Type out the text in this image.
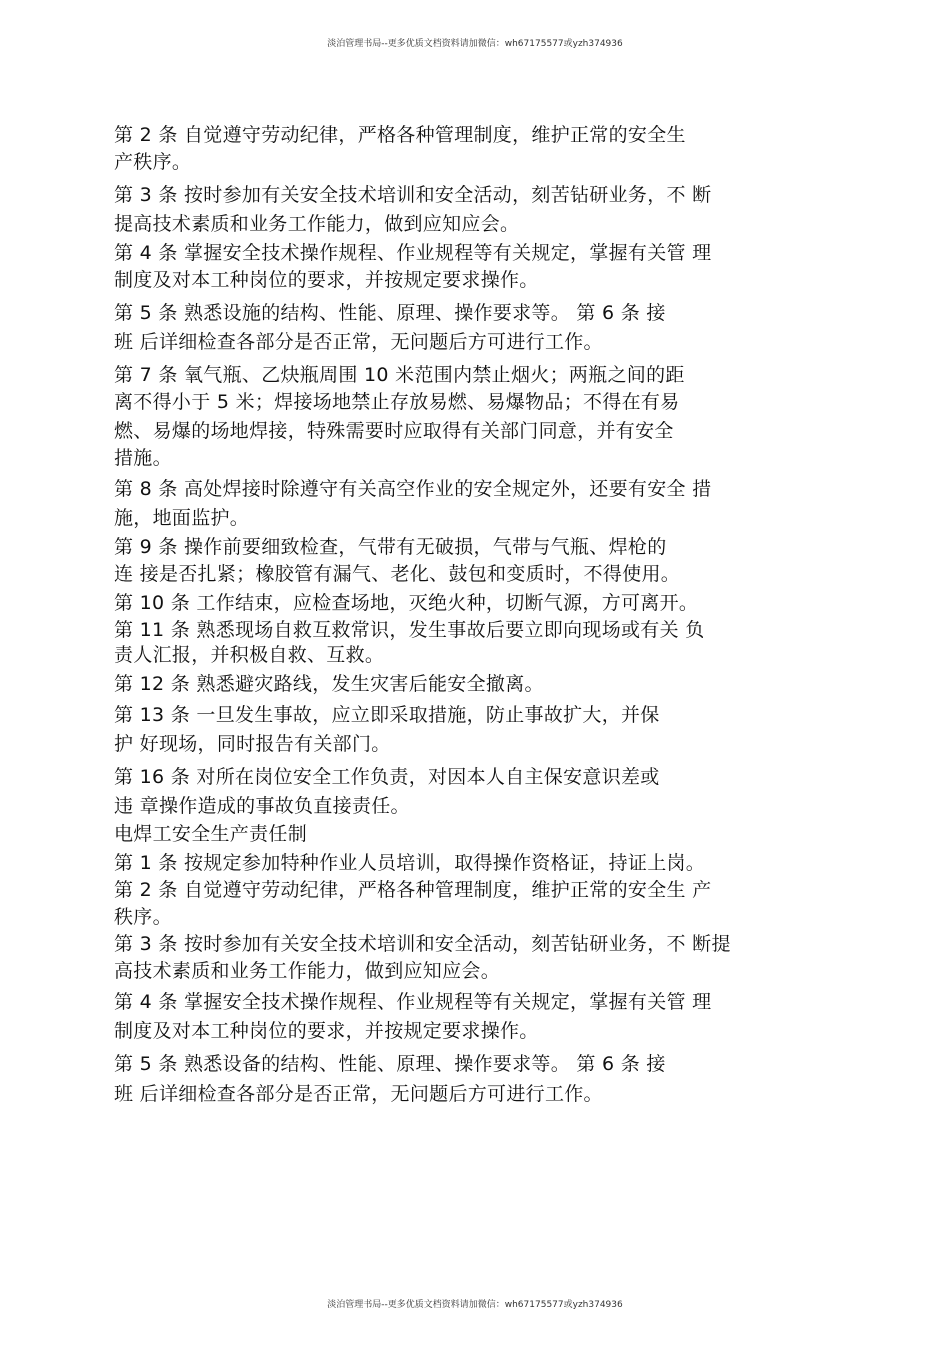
淡泊管理书局--更多优质文档资料请加微信：wh67175577或yzh374936
第 2 条 自觉遵守劳动纪律，严格各种管理制度，维护正常的安全生
产秩序。
第 3 条 按时参加有关安全技术培训和安全活动，刻苦钻研业务，不 断
提高技术素质和业务工作能力，做到应知应会。
第 4 条 掌握安全技术操作规程、作业规程等有关规定，掌握有关管 理
制度及对本工种岗位的要求，并按规定要求操作。
第 5 条 熟悉设施的结构、性能、原理、操作要求等。 第 6 条 接
班 后详细检查各部分是否正常，无问题后方可进行工作。
第 7 条 氧气瓶、乙炔瓶周围 10 米范围内禁止烟火；两瓶之间的距
离不得小于 5 米；焊接场地禁止存放易燃、易爆物品；不得在有易
燃、易爆的场地焊接，特殊需要时应取得有关部门同意，并有安全
措施。
第 8 条 高处焊接时除遵守有关高空作业的安全规定外，还要有安全 措
施，地面监护。
第 9 条 操作前要细致检查，气带有无破损，气带与气瓶、焊枪的
连 接是否扎紧；橡胶管有漏气、老化、鼓包和变质时，不得使用。
第 10 条 工作结束，应检查场地，灭绝火种，切断气源，方可离开。
第 11 条 熟悉现场自救互救常识，发生事故后要立即向现场或有关 负
责人汇报，并积极自救、互救。
第 12 条 熟悉避灾路线，发生灾害后能安全撤离。
第 13 条 一旦发生事故，应立即采取措施，防止事故扩大，并保
护 好现场，同时报告有关部门。
第 16 条 对所在岗位安全工作负责，对因本人自主保安意识差或
违 章操作造成的事故负直接责任。
电焊工安全生产责任制
第 1 条 按规定参加特种作业人员培训，取得操作资格证，持证上岗。
第 2 条 自觉遵守劳动纪律，严格各种管理制度，维护正常的安全生 产
秩序。
第 3 条 按时参加有关安全技术培训和安全活动，刻苦钻研业务，不 断提
高技术素质和业务工作能力，做到应知应会。
第 4 条 掌握安全技术操作规程、作业规程等有关规定，掌握有关管 理
制度及对本工种岗位的要求，并按规定要求操作。
第 5 条 熟悉设备的结构、性能、原理、操作要求等。 第 6 条 接
班 后详细检查各部分是否正常，无问题后方可进行工作。
淡泊管理书局--更多优质文档资料请加微信：wh67175577或yzh374936
